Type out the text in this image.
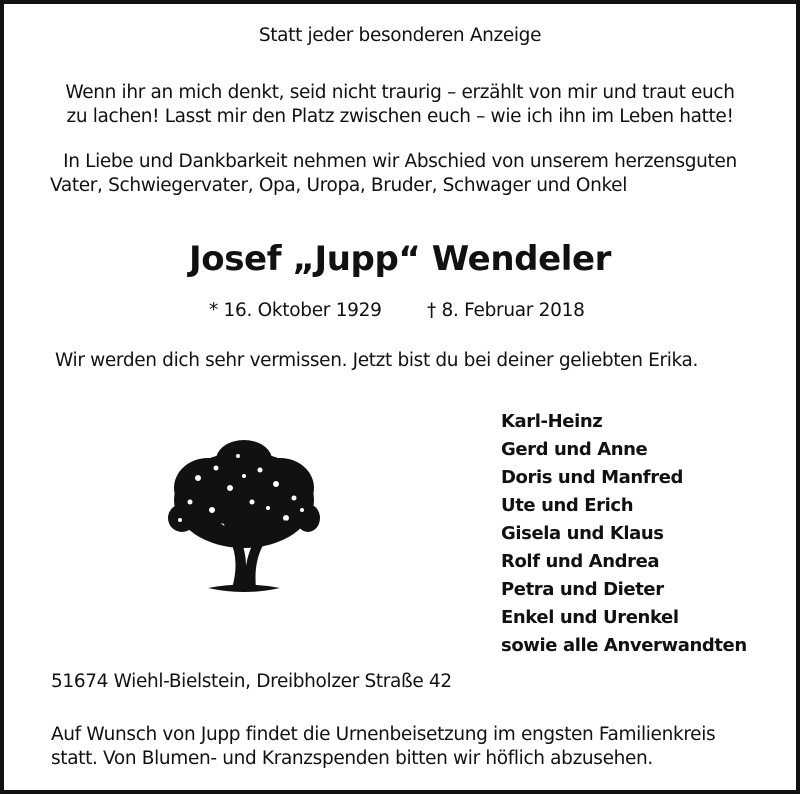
Statt jeder besonderen Anzeige
Wenn ihr an mich denkt, seid nicht traurig – erzählt von mir und traut euch
zu lachen! Lasst mir den Platz zwischen euch – wie ich ihn im Leben hatte!
In Liebe und Dankbarkeit nehmen wir Abschied von unserem herzensguten
Vater, Schwiegervater, Opa, Uropa, Bruder, Schwager und Onkel
Josef „Jupp“ Wendeler
* 16. Oktober 1929 † 8. Februar 2018
Wir werden dich sehr vermissen. Jetzt bist du bei deiner geliebten Erika.
Karl-Heinz
Gerd und Anne
Doris und Manfred
Ute und Erich
Gisela und Klaus
Rolf und Andrea
Petra und Dieter
Enkel und Urenkel
sowie alle Anverwandten
51674 Wiehl-Bielstein, Dreibholzer Straße 42
Auf Wunsch von Jupp findet die Urnenbeisetzung im engsten Familienkreis
statt. Von Blumen- und Kranzspenden bitten wir höflich abzusehen.
